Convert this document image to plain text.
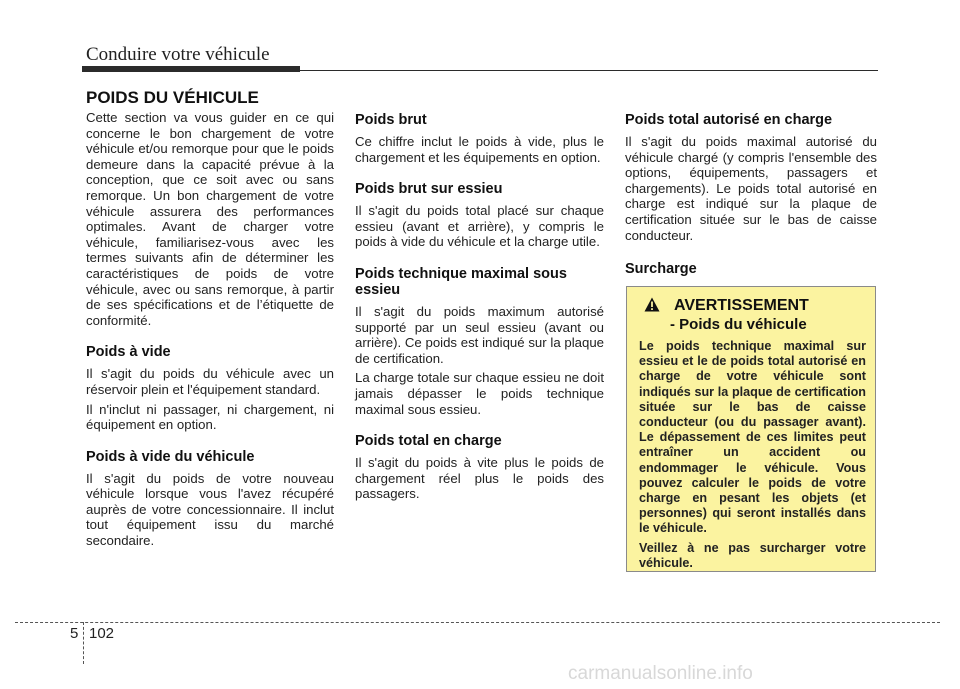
Conduire votre véhicule
POIDS DU VÉHICULE

Cette section va vous guider en ce qui concerne le bon chargement de votre véhicule et/ou remorque pour que le poids demeure dans la capacité prévue à la conception, que ce soit avec ou sans remorque. Un bon chargement de votre véhicule assurera des performances optimales. Avant de charger votre véhicule, familiarisez-vous avec les termes suivants afin de déterminer les caractéristiques de poids de votre véhicule, avec ou sans remorque, à partir de ses spécifications et de l’étiquette de conformité.

Poids à vide

Il s'agit du poids du véhicule avec un réservoir plein et l'équipement standard.

Il n'inclut ni passager, ni chargement, ni équipement en option.

Poids à vide du véhicule

Il s'agit du poids de votre nouveau véhicule lorsque vous l'avez récupéré auprès de votre concessionnaire. Il inclut tout équipement issu du marché secondaire.

Poids brut

Ce chiffre inclut le poids à vide, plus le chargement et les équipements en option.

Poids brut sur essieu

Il s'agit du poids total placé sur chaque essieu (avant et arrière), y compris le poids à vide du véhicule et la charge utile.

Poids technique maximal sous essieu

Il s'agit du poids maximum autorisé supporté par un seul essieu (avant ou arrière). Ce poids est indiqué sur la plaque de certification.

La charge totale sur chaque essieu ne doit jamais dépasser le poids technique maximal sous essieu.

Poids total en charge

Il s'agit du poids à vite plus le poids de chargement réel plus le poids des passagers.

Poids total autorisé en charge

Il s'agit du poids maximal autorisé du véhicule chargé (y compris l'ensemble des options, équipements, passagers et chargements). Le poids total autorisé en charge est indiqué sur la plaque de certification située sur le bas de caisse conducteur.

Surcharge
AVERTISSEMENT
- Poids du véhicule

Le poids technique maximal sur essieu et le de poids total autorisé en charge de votre véhicule sont indiqués sur la plaque de certification située sur le bas de caisse conducteur (ou du passager avant). Le dépassement de ces limites peut entraîner un accident ou endommager le véhicule. Vous pouvez calculer le poids de votre charge en pesant les objets (et personnes) qui seront installés dans le véhicule.

Veillez à ne pas surcharger votre véhicule.

5 102
carmanualsonline.info
